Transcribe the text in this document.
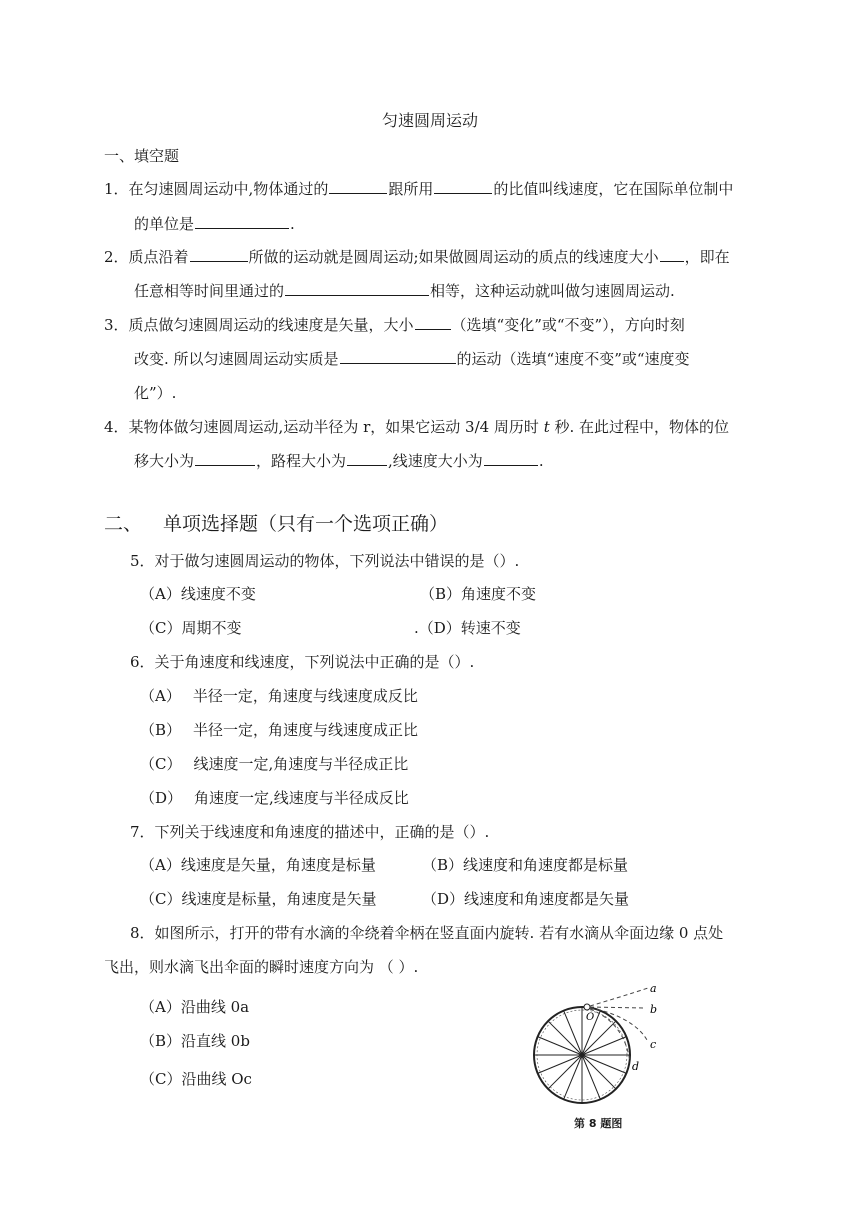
匀速圆周运动
一、填空题
1．在匀速圆周运动中,物体通过的	跟所用	的比值叫线速度，它在国际单位制中
的单位是	.
2．质点沿着	所做的运动就是圆周运动;如果做圆周运动的质点的线速度大小 ，即在
任意相等时间里通过的	相等，这种运动就叫做匀速圆周运动.
3．质点做匀速圆周运动的线速度是矢量，大小	（选填“变化”或“不变”），方向时刻
改变. 所以匀速圆周运动实质是	的运动（选填“速度不变”或“速度变
化”）.
4．某物体做匀速圆周运动,运动半径为 r，如果它运动 3/4 周历时 t 秒. 在此过程中，物体的位
移大小为	，路程大小为	,线速度大小为	.
二、 单项选择题（只有一个选项正确）
5．对于做匀速圆周运动的物体，下列说法中错误的是（）.
（A）线速度不变	（B）角速度不变
（C）周期不变	.（D）转速不变
6．关于角速度和线速度，下列说法中正确的是（）.
（A） 半径一定，角速度与线速度成反比
（B） 半径一定，角速度与线速度成正比
（C） 线速度一定,角速度与半径成正比
（D） 角速度一定,线速度与半径成反比
7．下列关于线速度和角速度的描述中，正确的是（）.
（A）线速度是矢量，角速度是标量	（B）线速度和角速度都是标量
（C）线速度是标量，角速度是矢量	（D）线速度和角速度都是矢量
8．如图所示，打开的带有水滴的伞绕着伞柄在竖直面内旋转. 若有水滴从伞面边缘 0 点处
飞出，则水滴飞出伞面的瞬时速度方向为 （ ）.
（A）沿曲线 0a
（B）沿直线 0b
（C）沿曲线 Oc
a
b
c
d
O
第 8 题图
